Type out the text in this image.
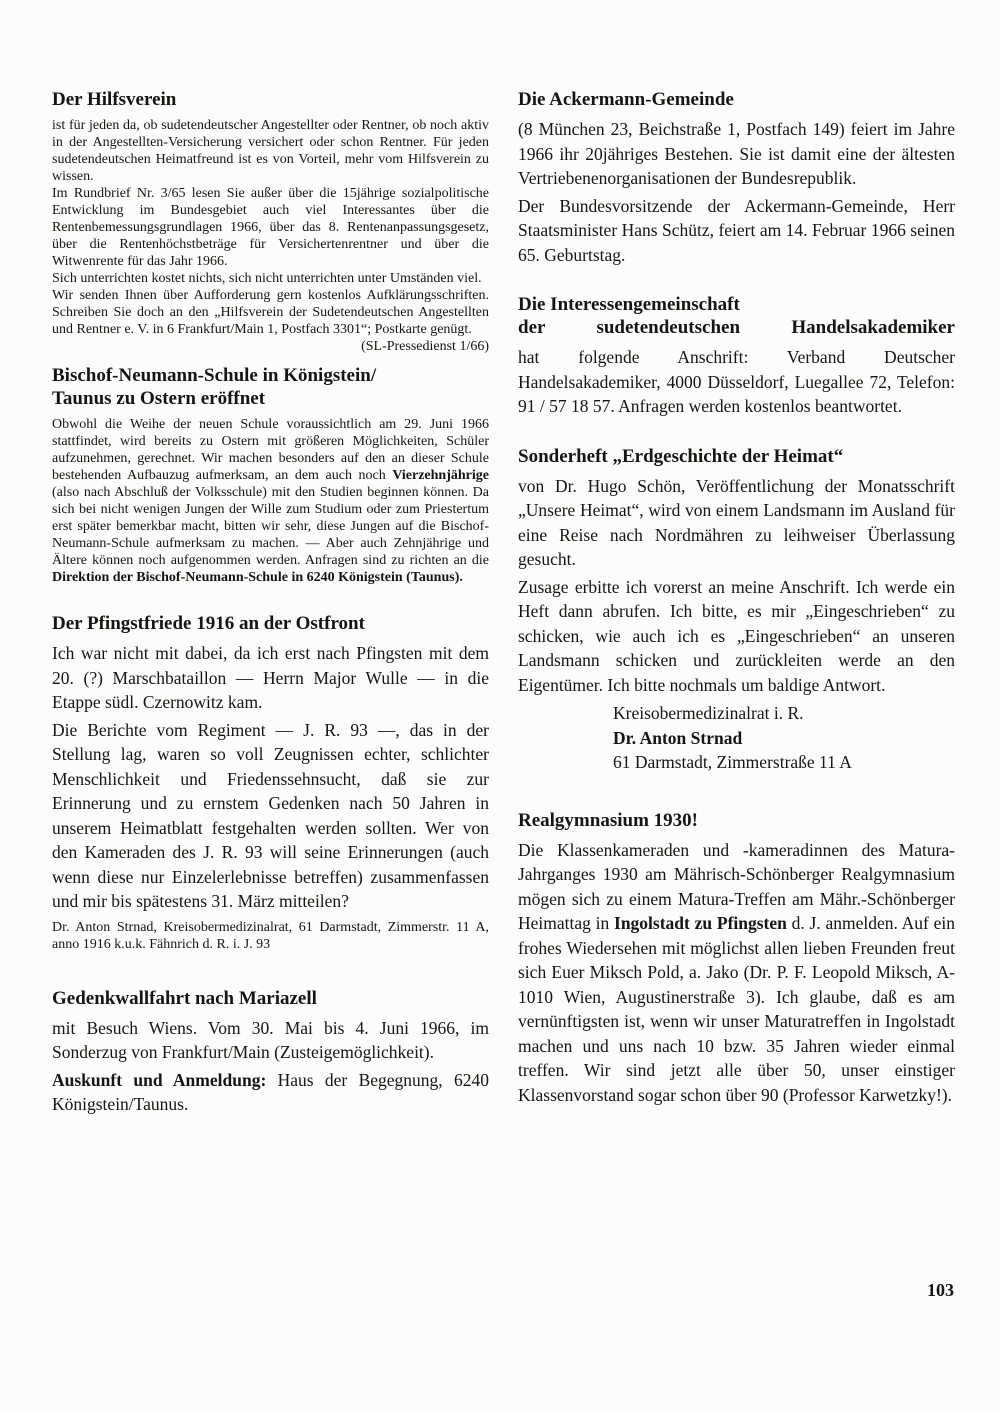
Der Hilfsverein

ist für jeden da, ob sudetendeutscher Angestellter oder Rentner, ob noch aktiv in der Angestellten-Versicherung versichert oder schon Rentner. Für jeden sudetendeutschen Heimatfreund ist es von Vorteil, mehr vom Hilfsverein zu wissen.

Im Rundbrief Nr. 3/65 lesen Sie außer über die 15jährige sozialpolitische Entwicklung im Bundesgebiet auch viel Interessantes über die Rentenbemessungsgrundlagen 1966, über das 8. Rentenanpassungsgesetz, über die Rentenhöchstbeträge für Versichertenrentner und über die Witwenrente für das Jahr 1966.

Sich unterrichten kostet nichts, sich nicht unterrichten unter Umständen viel.

Wir senden Ihnen über Aufforderung gern kostenlos Aufklärungsschriften. Schreiben Sie doch an den „Hilfsverein der Sudetendeutschen Angestellten und Rentner e. V. in 6 Frankfurt/Main 1, Postfach 3301“; Postkarte genügt.
(SL-Pressedienst 1/66)

Bischof-Neumann-Schule in Königstein/
Taunus zu Ostern eröffnet

Obwohl die Weihe der neuen Schule voraussichtlich am 29. Juni 1966 stattfindet, wird bereits zu Ostern mit größeren Möglichkeiten, Schüler aufzunehmen, gerechnet. Wir machen besonders auf den an dieser Schule bestehenden Aufbauzug aufmerksam, an dem auch noch Vierzehnjährige (also nach Abschluß der Volksschule) mit den Studien beginnen können. Da sich bei nicht wenigen Jungen der Wille zum Studium oder zum Priestertum erst später bemerkbar macht, bitten wir sehr, diese Jungen auf die Bischof-Neumann-Schule aufmerksam zu machen. — Aber auch Zehnjährige und Ältere können noch aufgenommen werden. Anfragen sind zu richten an die Direktion der Bischof-Neumann-Schule in 6240 Königstein (Taunus).

Der Pfingstfriede 1916 an der Ostfront

Ich war nicht mit dabei, da ich erst nach Pfingsten mit dem 20. (?) Marschbataillon — Herrn Major Wulle — in die Etappe südl. Czernowitz kam.

Die Berichte vom Regiment — J. R. 93 —, das in der Stellung lag, waren so voll Zeugnissen echter, schlichter Menschlichkeit und Friedenssehnsucht, daß sie zur Erinnerung und zu ernstem Gedenken nach 50 Jahren in unserem Heimatblatt festgehalten werden sollten. Wer von den Kameraden des J. R. 93 will seine Erinnerungen (auch wenn diese nur Einzelerlebnisse betreffen) zusammenfassen und mir bis spätestens 31. März mitteilen?

Dr. Anton Strnad, Kreisobermedizinalrat, 61 Darmstadt, Zimmerstr. 11 A, anno 1916 k.u.k. Fähnrich d. R. i. J. 93

Gedenkwallfahrt nach Mariazell

mit Besuch Wiens. Vom 30. Mai bis 4. Juni 1966, im Sonderzug von Frankfurt/Main (Zusteigemöglichkeit).

Auskunft und Anmeldung: Haus der Begegnung, 6240 Königstein/Taunus.

Die Ackermann-Gemeinde

(8 München 23, Beichstraße 1, Postfach 149) feiert im Jahre 1966 ihr 20jähriges Bestehen. Sie ist damit eine der ältesten Vertriebenenorganisationen der Bundesrepublik.

Der Bundesvorsitzende der Ackermann-Gemeinde, Herr Staatsminister Hans Schütz, feiert am 14. Februar 1966 seinen 65. Geburtstag.

Die Interessengemeinschaft
der sudetendeutschen Handelsakademiker

hat folgende Anschrift: Verband Deutscher Handelsakademiker, 4000 Düsseldorf, Luegallee 72, Telefon: 91 / 57 18 57. Anfragen werden kostenlos beantwortet.

Sonderheft „Erdgeschichte der Heimat“

von Dr. Hugo Schön, Veröffentlichung der Monatsschrift „Unsere Heimat“, wird von einem Landsmann im Ausland für eine Reise nach Nordmähren zu leihweiser Überlassung gesucht.

Zusage erbitte ich vorerst an meine Anschrift. Ich werde ein Heft dann abrufen. Ich bitte, es mir „Eingeschrieben“ zu schicken, wie auch ich es „Eingeschrieben“ an unseren Landsmann schicken und zurückleiten werde an den Eigentümer. Ich bitte nochmals um baldige Antwort.

Kreisobermedizinalrat i. R.
Dr. Anton Strnad
61 Darmstadt, Zimmerstraße 11 A
Realgymnasium 1930!

Die Klassenkameraden und -kameradinnen des Matura-Jahrganges 1930 am Mährisch-Schönberger Realgymnasium mögen sich zu einem Matura-Treffen am Mähr.-Schönberger Heimattag in Ingolstadt zu Pfingsten d. J. anmelden. Auf ein frohes Wiedersehen mit möglichst allen lieben Freunden freut sich Euer Miksch Pold, a. Jako (Dr. P. F. Leopold Miksch, A-1010 Wien, Augustinerstraße 3). Ich glaube, daß es am vernünftigsten ist, wenn wir unser Maturatreffen in Ingolstadt machen und uns nach 10 bzw. 35 Jahren wieder einmal treffen. Wir sind jetzt alle über 50, unser einstiger Klassenvorstand sogar schon über 90 (Professor Karwetzky!).

103
